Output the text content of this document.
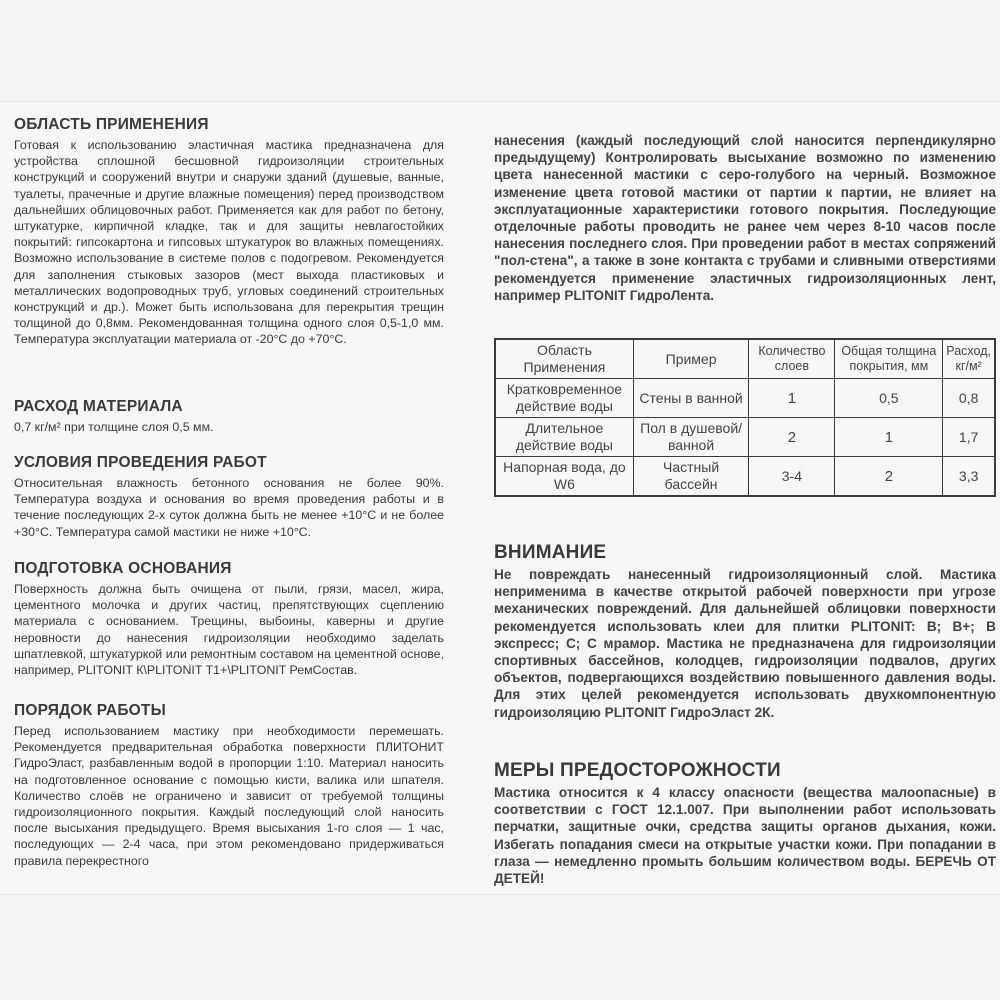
ОБЛАСТЬ ПРИМЕНЕНИЯ

Готовая к использованию эластичная мастика предназначена для устройства сплошной бесшовной гидроизоляции строительных конструкций и сооружений внутри и снаружи зданий (душевые, ванные, туалеты, прачечные и другие влажные помещения) перед производством дальнейших облицовочных работ. Применяется как для работ по бетону, штукатурке, кирпичной кладке, так и для защиты невлагостойких покрытий: гипсокартона и гипсовых штукатурок во влажных помещениях. Возможно использование в системе полов с подогревом. Рекомендуется для заполнения стыковых зазоров (мест выхода пластиковых и металлических водопроводных труб, угловых соединений строительных конструкций и др.). Может быть использована для перекрытия трещин толщиной до 0,8мм. Рекомендованная толщина одного слоя 0,5-1,0 мм. Температура эксплуатации материала от -20°С до +70°С.

РАСХОД МАТЕРИАЛА

0,7 кг/м² при толщине слоя 0,5 мм.

УСЛОВИЯ ПРОВЕДЕНИЯ РАБОТ

Относительная влажность бетонного основания не более 90%. Температура воздуха и основания во время проведения работы и в течение последующих 2-х суток должна быть не менее +10°С и не более +30°С. Температура самой мастики не ниже +10°С.

ПОДГОТОВКА ОСНОВАНИЯ

Поверхность должна быть очищена от пыли, грязи, масел, жира, цементного молочка и других частиц, препятствующих сцеплению материала с основанием. Трещины, выбоины, каверны и другие неровности до нанесения гидроизоляции необходимо заделать шпатлевкой, штукатуркой или ремонтным составом на цементной основе, например, PLITONIT К\PLITONIT Т1+\PLITONIT РемСостав.

ПОРЯДОК РАБОТЫ

Перед использованием мастику при необходимости перемешать. Рекомендуется предварительная обработка поверхности ПЛИТОНИТ ГидроЭласт, разбавленным водой в пропорции 1:10. Материал наносить на подготовленное основание с помощью кисти, валика или шпателя. Количество слоёв не ограничено и зависит от требуемой толщины гидроизоляционного покрытия. Каждый последующий слой наносить после высыхания предыдущего. Время высыхания 1-го слоя — 1 час, последующих — 2-4 часа, при этом рекомендовано придерживаться правила перекрестного

нанесения (каждый последующий слой наносится перпендикулярно предыдущему) Контролировать высыхание возможно по изменению цвета нанесенной мастики с серо-голубого на черный. Возможное изменение цвета готовой мастики от партии к партии, не влияет на эксплуатационные характеристики готового покрытия. Последующие отделочные работы проводить не ранее чем через 8-10 часов после нанесения последнего слоя. При проведении работ в местах сопряжений "пол-стена", а также в зоне контакта с трубами и сливными отверстиями рекомендуется применение эластичных гидроизоляционных лент, например PLITONIT ГидроЛента.

ВНИМАНИЕ

Не повреждать нанесенный гидроизоляционный слой. Мастика неприменима в качестве открытой рабочей поверхности при угрозе механических повреждений. Для дальнейшей облицовки поверхности рекомендуется использовать клеи для плитки PLITONIT: В; В+; В экспресс; С; С мрамор. Мастика не предназначена для гидроизоляции спортивных бассейнов, колодцев, гидроизоляции подвалов, других объектов, подвергающихся воздействию повышенного давления воды. Для этих целей рекомендуется использовать двухкомпонентную гидроизоляцию PLITONIT ГидроЭласт 2К.

МЕРЫ ПРЕДОСТОРОЖНОСТИ

Мастика относится к 4 классу опасности (вещества малоопасные) в соответствии с ГОСТ 12.1.007. При выполнении работ использовать перчатки, защитные очки, средства защиты органов дыхания, кожи. Избегать попадания смеси на открытые участки кожи. При попадании в глаза — немедленно промыть большим количеством воды. БЕРЕЧЬ ОТ ДЕТЕЙ!

Область Применения	Пример	Количество слоев	Общая толщина покрытия, мм	Расход, кг/м²
Кратковременное действие воды	Стены в ванной	1	0,5	0,8
Длительное действие воды	Пол в душевой/ ванной	2	1	1,7
Напорная вода, до W6	Частный бассейн	3-4	2	3,3
